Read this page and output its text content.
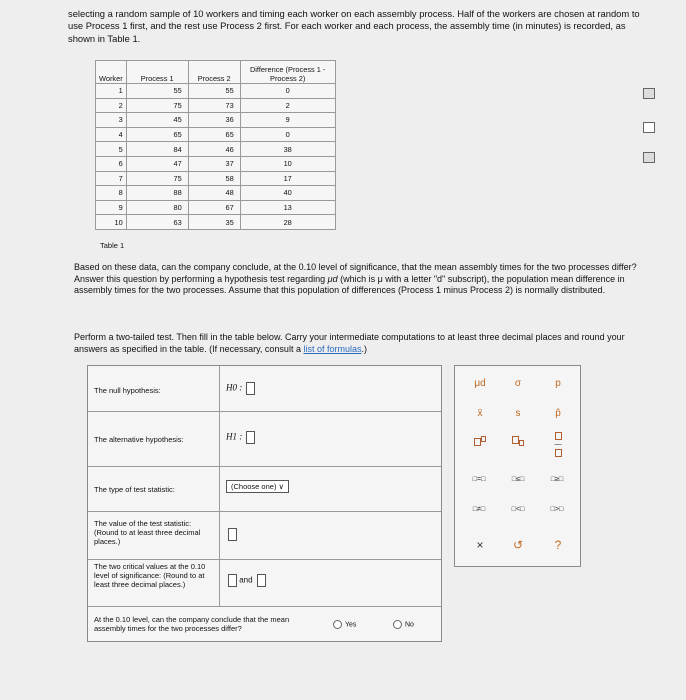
selecting a random sample of 10 workers and timing each worker on each assembly process. Half of the workers are chosen at random to use Process 1 first, and the rest use Process 2 first. For each worker and each process, the assembly time (in minutes) is recorded, as shown in Table 1.
Worker	Process 1	Process 2	Difference (Process 1 - Process 2)
1	55	55	0
2	75	73	2
3	45	36	9
4	65	65	0
5	84	46	38
6	47	37	10
7	75	58	17
8	88	48	40
9	80	67	13
10	63	35	28
Table 1
Based on these data, can the company conclude, at the 0.10 level of significance, that the mean assembly times for the two processes differ? Answer this question by performing a hypothesis test regarding μd (which is μ with a letter "d" subscript), the population mean difference in assembly times for the two processes. Assume that this population of differences (Process 1 minus Process 2) is normally distributed.
Perform a two-tailed test. Then fill in the table below. Carry your intermediate computations to at least three decimal places and round your answers as specified in the table. (If necessary, consult a list of formulas.)
The null hypothesis:	H0 :
The alternative hypothesis:	H1 :
The type of test statistic:	(Choose one) ∨
The value of the test statistic: (Round to at least three decimal places.)
The two critical values at the 0.10 level of significance: (Round to at least three decimal places.)	and
At the 0.10 level, can the company conclude that the mean assembly times for the two processes differ?	Yes	No
μd	σ	p
x̄	s	p̂

—

□=□	□≤□	□≥□
□≠□	□<□	□>□
×	↺	?
